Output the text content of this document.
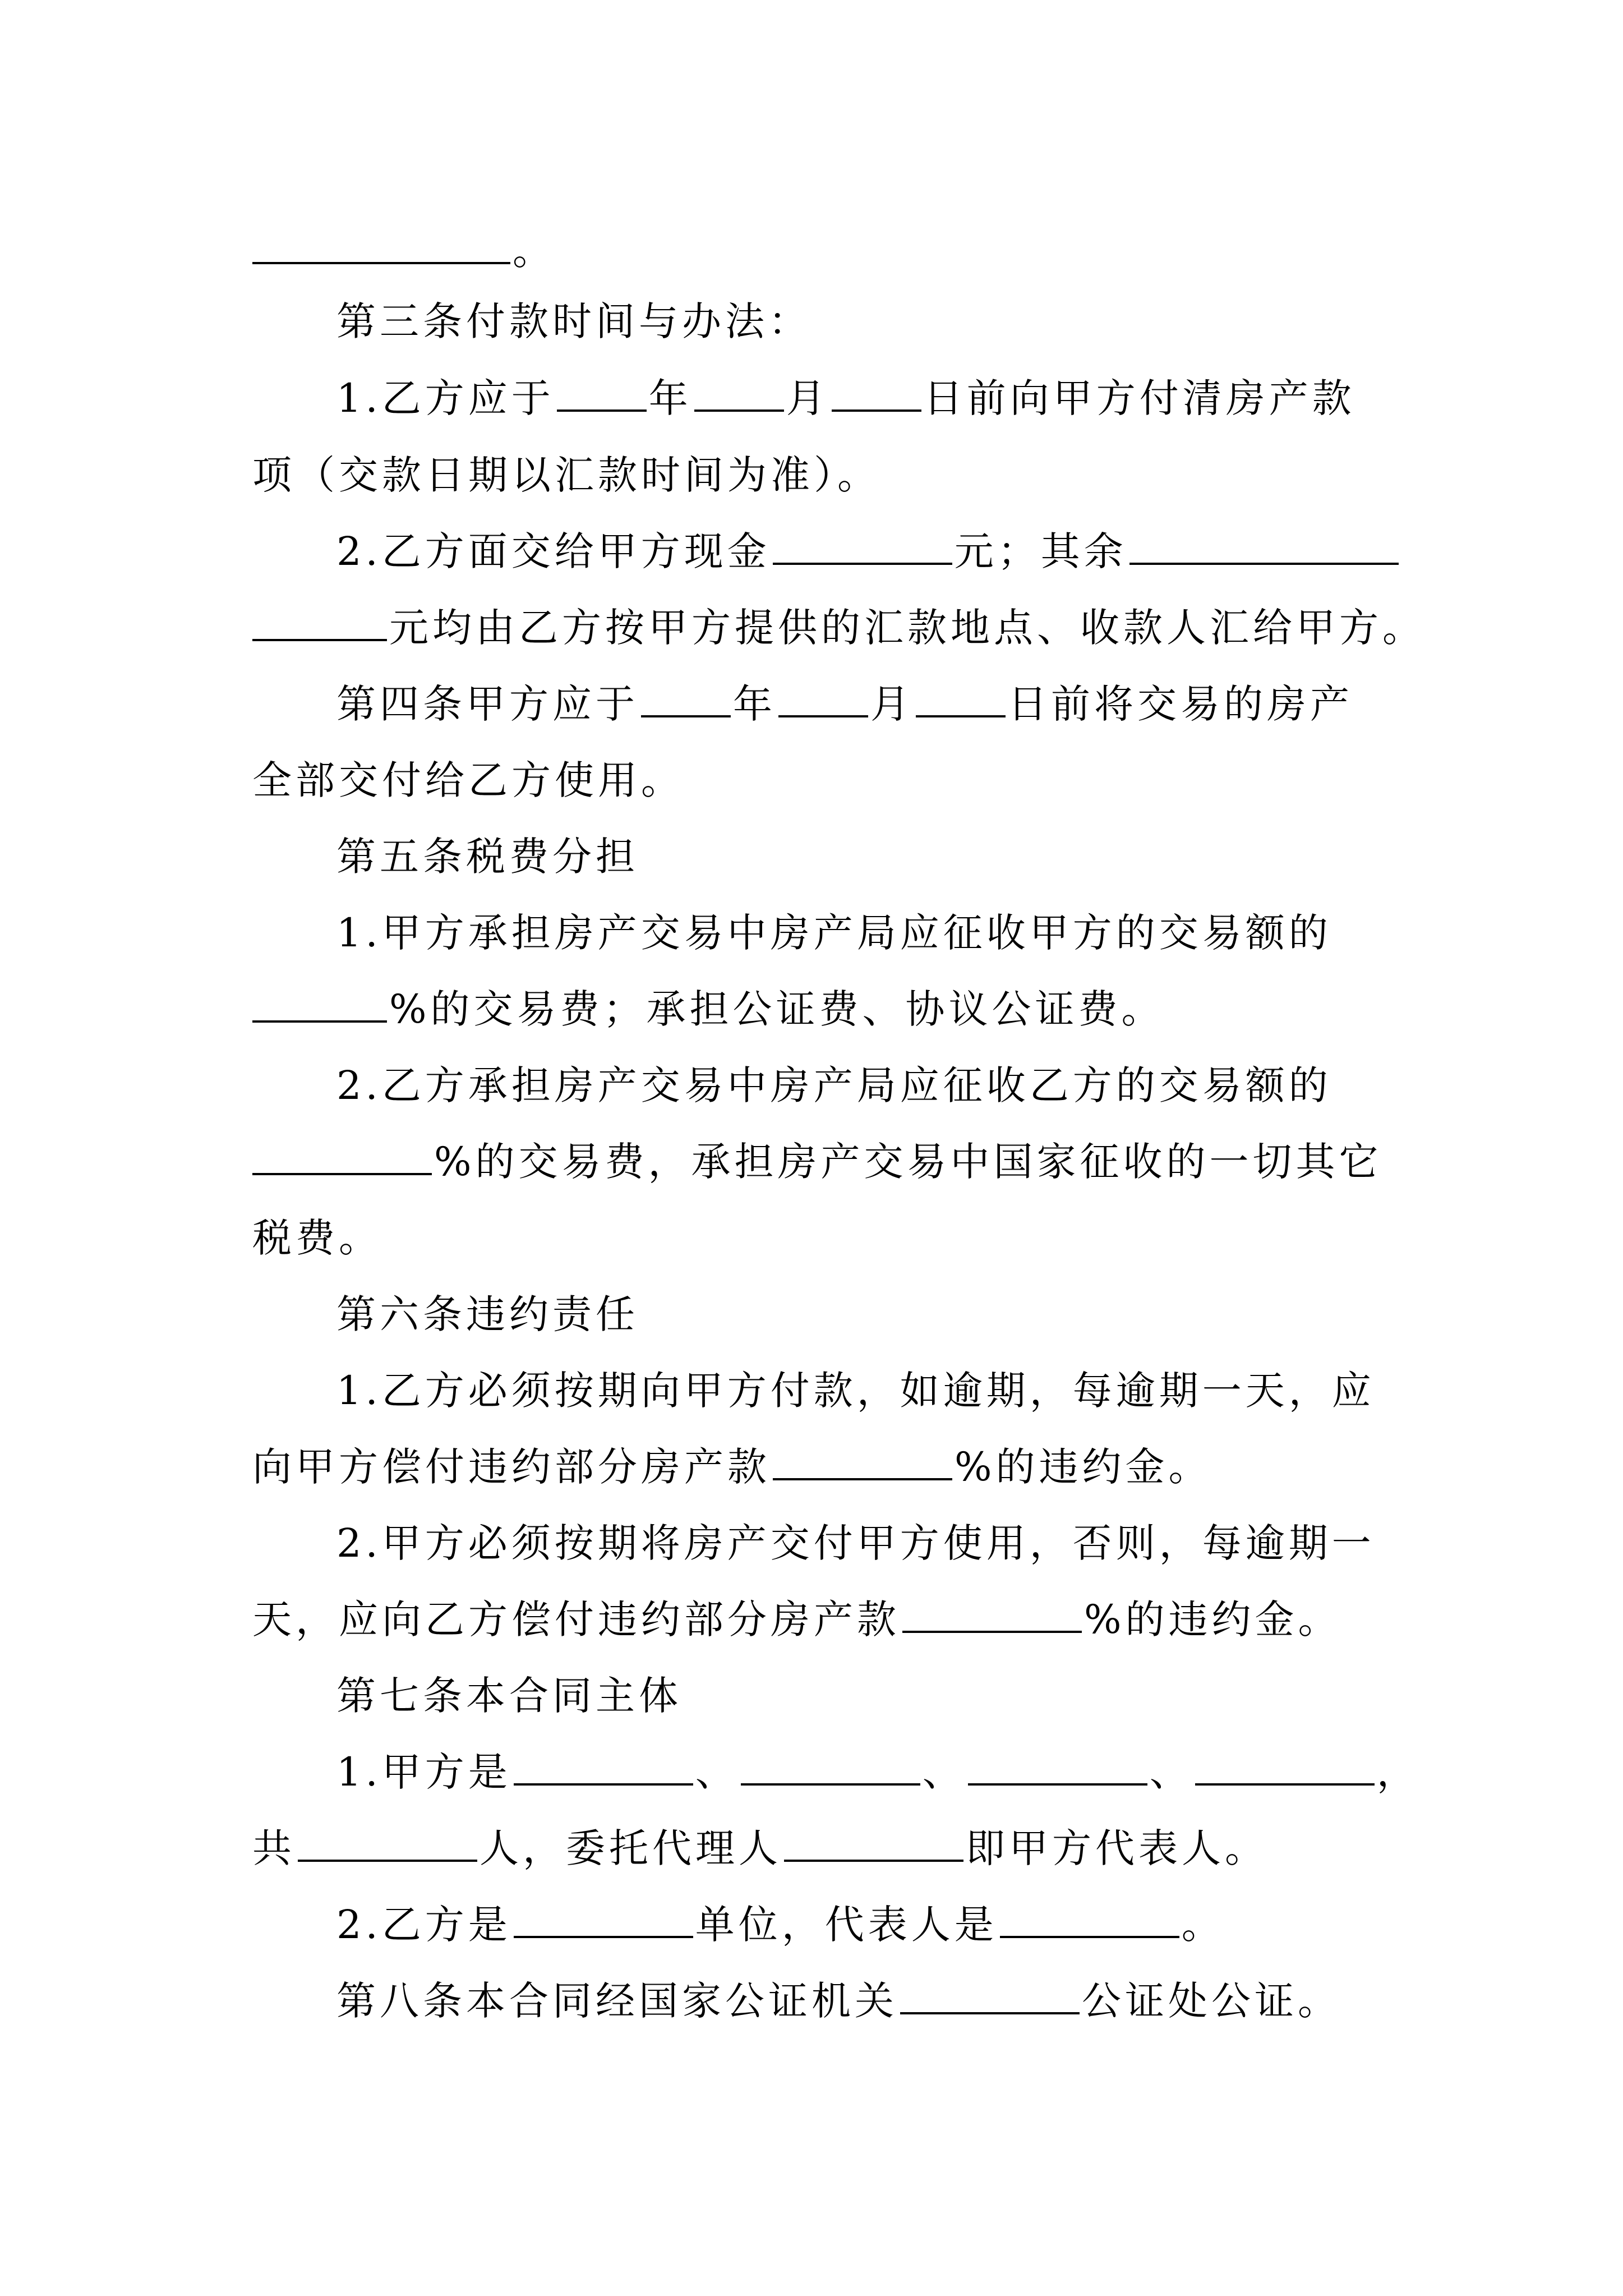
。
第三条付款时间与办法：
1.乙方应于 年 月 日前向甲方付清房产款
项（交款日期以汇款时间为准）。
2.乙方面交给甲方现金	元；其余
元均由乙方按甲方提供的汇款地点、收款人汇给甲方。
第四条甲方应于 年 月 日前将交易的房产
全部交付给乙方使用。
第五条税费分担
1.甲方承担房产交易中房产局应征收甲方的交易额的
%的交易费；承担公证费、协议公证费。
2.乙方承担房产交易中房产局应征收乙方的交易额的
%的交易费，承担房产交易中国家征收的一切其它
税费。
第六条违约责任
1.乙方必须按期向甲方付款，如逾期，每逾期一天，应
向甲方偿付违约部分房产款	%的违约金。
2.甲方必须按期将房产交付甲方使用，否则，每逾期一
天，应向乙方偿付违约部分房产款	%的违约金。
第七条本合同主体
1.甲方是	、	、	、	，
共	人，委托代理人	即甲方代表人。
2.乙方是	单位，代表人是	。
第八条本合同经国家公证机关	公证处公证。
